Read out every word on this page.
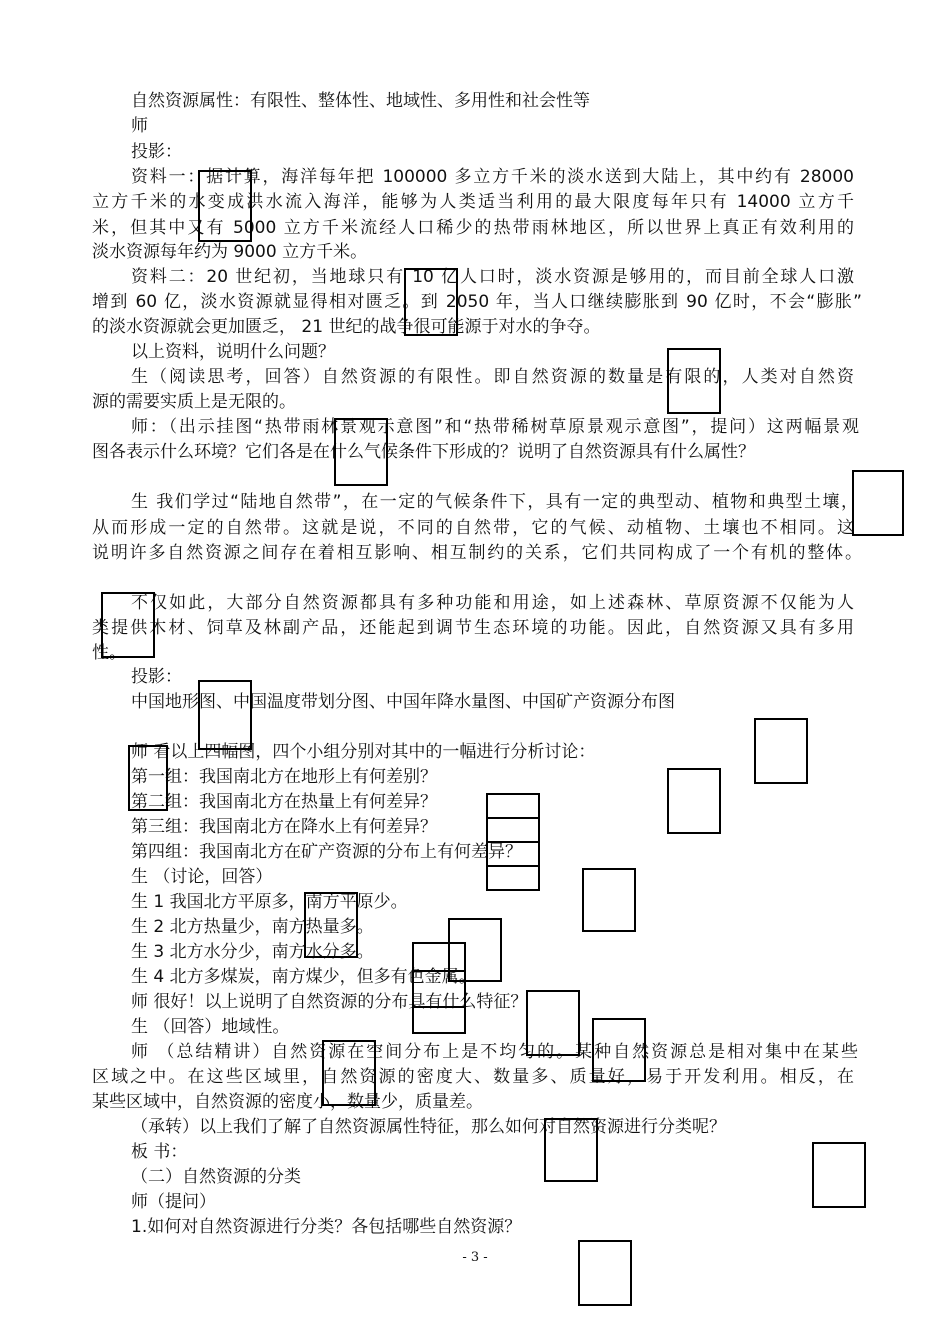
自然资源属性：有限性、整体性、地域性、多用性和社会性等
师
投影：
资料一：据计算，海洋每年把 100000 多立方千米的淡水送到大陆上，其中约有 28000
立方千米的水变成洪水流入海洋，能够为人类适当利用的最大限度每年只有 14000 立方千
米，但其中又有 5000 立方千米流经人口稀少的热带雨林地区，所以世界上真正有效利用的
淡水资源每年约为 9000 立方千米。
资料二：20 世纪初，当地球只有 10 亿人口时，淡水资源是够用的，而目前全球人口激
增到 60 亿，淡水资源就显得相对匮乏。到 2050 年，当人口继续膨胀到 90 亿时，不会“膨胀”
的淡水资源就会更加匮乏， 21 世纪的战争很可能源于对水的争夺。
以上资料，说明什么问题？
生（阅读思考，回答）自然资源的有限性。即自然资源的数量是有限的，人类对自然资
源的需要实质上是无限的。
师：（出示挂图“热带雨林景观示意图”和“热带稀树草原景观示意图”，提问）这两幅景观
图各表示什么环境？它们各是在什么气候条件下形成的？说明了自然资源具有什么属性？
生 我们学过“陆地自然带”，在一定的气候条件下，具有一定的典型动、植物和典型土壤，
从而形成一定的自然带。这就是说，不同的自然带，它的气候、动植物、土壤也不相同。这
说明许多自然资源之间存在着相互影响、相互制约的关系，它们共同构成了一个有机的整体。
不仅如此，大部分自然资源都具有多种功能和用途，如上述森林、草原资源不仅能为人
类提供木材、饲草及林副产品，还能起到调节生态环境的功能。因此，自然资源又具有多用
性。
投影：
中国地形图、中国温度带划分图、中国年降水量图、中国矿产资源分布图
师 看以上四幅图，四个小组分别对其中的一幅进行分析讨论：
第一组：我国南北方在地形上有何差别？
第二组：我国南北方在热量上有何差异？
第三组：我国南北方在降水上有何差异？
第四组：我国南北方在矿产资源的分布上有何差异？
生 （讨论，回答）
生 1 我国北方平原多，南方平原少。
生 2 北方热量少，南方热量多。
生 3 北方水分少，南方水分多。
生 4 北方多煤炭，南方煤少，但多有色金属。
师 很好！以上说明了自然资源的分布具有什么特征？
生 （回答）地域性。
师 （总结精讲）自然资源在空间分布上是不均匀的。某种自然资源总是相对集中在某些
区域之中。在这些区域里，自然资源的密度大、数量多、质量好，易于开发利用。相反，在
某些区域中，自然资源的密度小，数量少，质量差。
（承转）以上我们了解了自然资源属性特征，那么如何对自然资源进行分类呢？
板 书：
（二）自然资源的分类
师（提问）
1.如何对自然资源进行分类？各包括哪些自然资源？
- 3 -
